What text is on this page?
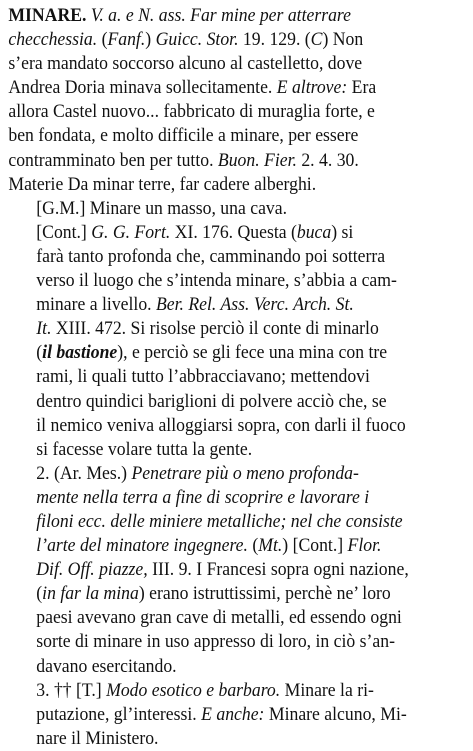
MINARE. V. a. e N. ass. Far mine per atterrare
checchessia. (Fanf.) Guicc. Stor. 19. 129. (C) Non
s’era mandato soccorso alcuno al castelletto, dove
Andrea Doria minava sollecitamente. E altrove: Era
allora Castel nuovo... fabbricato di muraglia forte, e
ben fondata, e molto difficile a minare, per essere
contramminato ben per tutto. Buon. Fier. 2. 4. 30.
Materie Da minar terre, far cadere alberghi.
[G.M.] Minare un masso, una cava.
[Cont.] G. G. Fort. XI. 176. Questa (buca) si
farà tanto profonda che, camminando poi sotterra
verso il luogo che s’intenda minare, s’abbia a cam-
minare a livello. Ber. Rel. Ass. Verc. Arch. St.
It. XIII. 472. Si risolse perciò il conte di minarlo
(il bastione), e perciò se gli fece una mina con tre
rami, li quali tutto l’abbracciavano; mettendovi
dentro quindici bariglioni di polvere acciò che, se
il nemico veniva alloggiarsi sopra, con darli il fuoco
si facesse volare tutta la gente.
2. (Ar. Mes.) Penetrare più o meno profonda-
mente nella terra a fine di scoprire e lavorare i
filoni ecc. delle miniere metalliche; nel che consiste
l’arte del minatore ingegnere. (Mt.) [Cont.] Flor.
Dif. Off. piazze, III. 9. I Francesi sopra ogni nazione,
(in far la mina) erano istruttissimi, perchè ne’ loro
paesi avevano gran cave di metalli, ed essendo ogni
sorte di minare in uso appresso di loro, in ciò s’an-
davano esercitando.
3. †† [T.] Modo esotico e barbaro. Minare la ri-
putazione, gl’interessi. E anche: Minare alcuno, Mi-
nare il Ministero.
